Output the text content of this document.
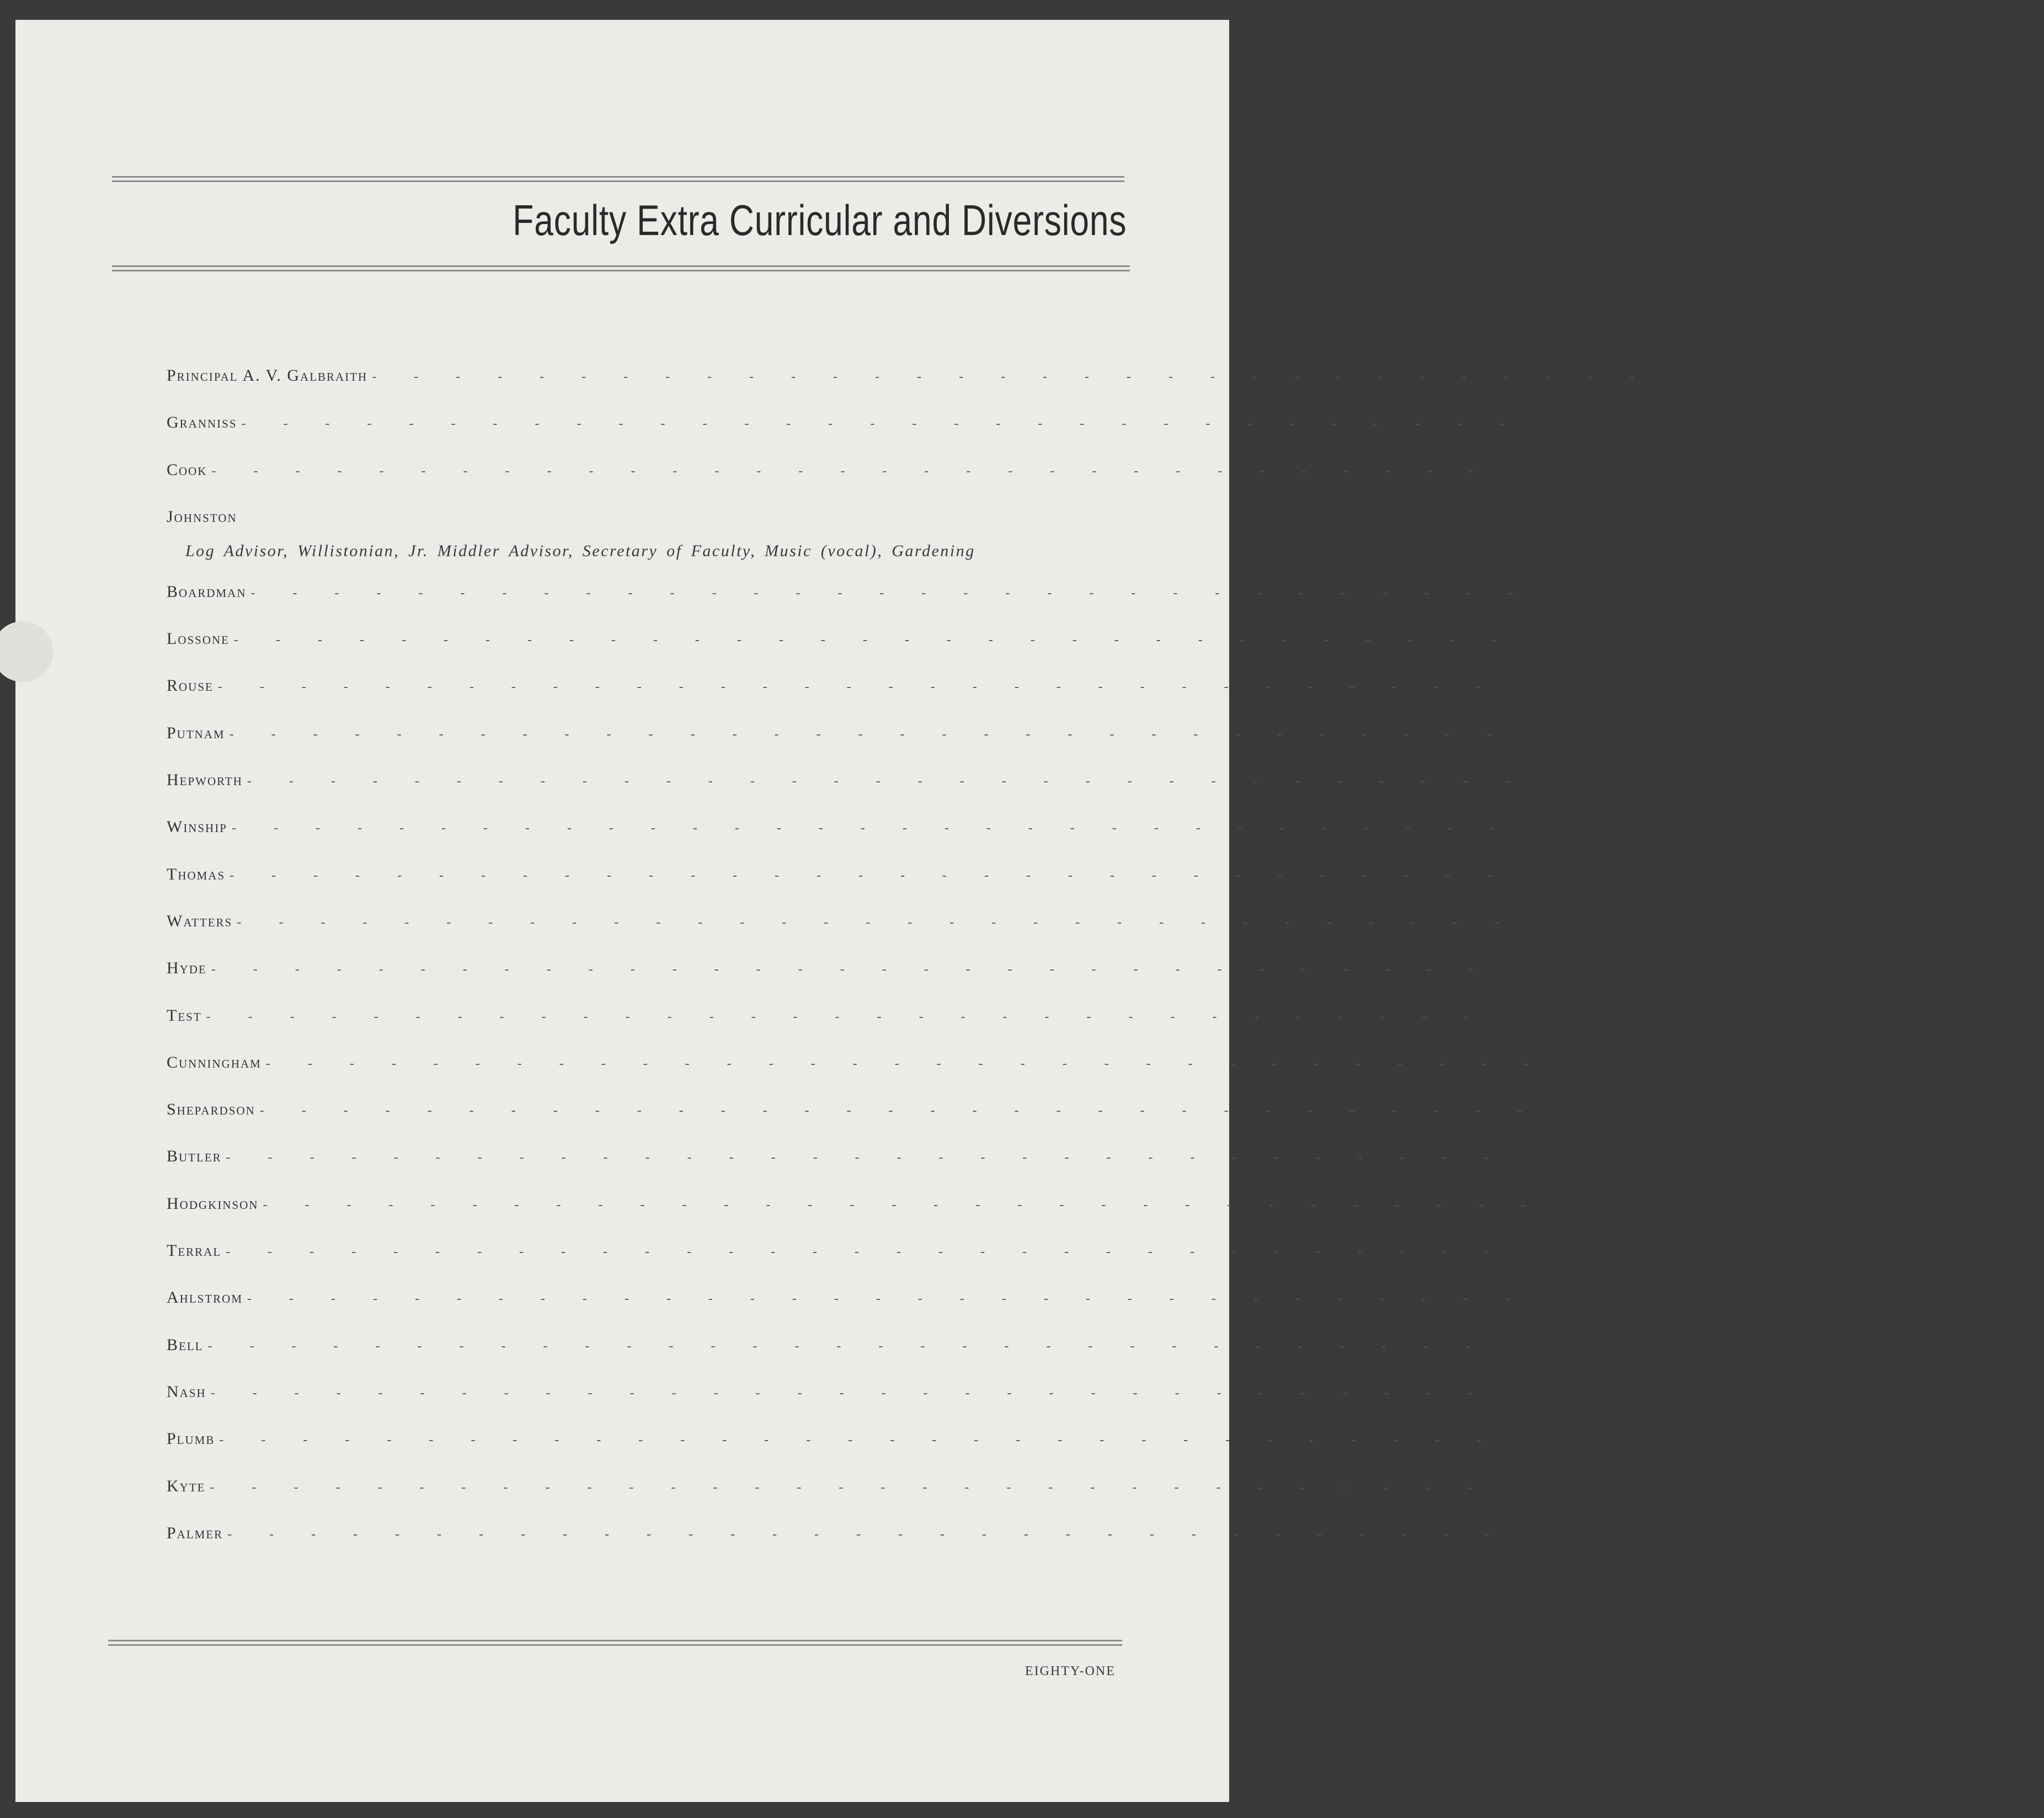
Faculty Extra Curricular and Diversions
Principal A. V. Galbraith - - - - - - - - - - - - - - - - - - - - - - - - - - - - - - - Golf, Tennis, Badminton, Etchings
Granniss - - - - - - - - - - - - - - - - - - - - - - - - - - - - - - - Y. M. C. A., Senior Advisor, Skiing, Log Cabin
Cook - - - - - - - - - - - - - - - - - - - - - - - - - - - - - - - College Boards, Middler Advisor, Gardening
Johnston
Log Advisor, Willistonian, Jr. Middler Advisor, Secretary of Faculty, Music (vocal), Gardening
Boardman - - - - - - - - - - - - - - - - - - - - - - - - - - - - - - - Soccer, Dramatics, Alumni Secretary
Lossone - - - - - - - - - - - - - - - - - - - - - - - - - - - - - - - Hockey, Tennis, Softball, Amateur Dramatics, Student Council
Rouse - - - - - - - - - - - - - - - - - - - - - - - - - - - - - - - Glee Club, Golf, Operetta
Putnam - - - - - - - - - - - - - - - - - - - - - - - - - - - - - - - Track, Golf, Angling
Hepworth - - - - - - - - - - - - - - - - - - - - - - - - - - - - - - - Football, Tennis, Soft Ball, Bridge
Winship - - - - - - - - - - - - - - - - - - - - - - - - - - - - - - - Master of Ford Hall, Junior Advisor, Traveling, Gardening
Thomas - - - - - - - - - - - - - - - - - - - - - - - - - - - - - - - Debating, Master of South Hall, Traveling
Watters - - - - - - - - - - - - - - - - - - - - - - - - - - - - - - - Head Coach of Athletics, Badminton, Golf, Angling
Hyde - - - - - - - - - - - - - - - - - - - - - - - - - - - - - - - Soccer, Track, Music (piano, organ, clavichord), Operetta, Hiking
Test - - - - - - - - - - - - - - - - - - - - - - - - - - - - - - - Soccer, Track, Willistonian, Photography
Cunningham - - - - - - - - - - - - - - - - - - - - - - - - - - - - - - - Golf
Shepardson - - - - - - - - - - - - - - - - - - - - - - - - - - - - - - - Golf
Butler - - - - - - - - - - - - - - - - - - - - - - - - - - - - - - - Dramatics, Life Saving
Hodgkinson - - - - - - - - - - - - - - - - - - - - - - - - - - - - - - - Football, Tennis, Handball, Hockey, Music
Terral - - - - - - - - - - - - - - - - - - - - - - - - - - - - - - - Master of Payson
Ahlstrom - - - - - - - - - - - - - - - - - - - - - - - - - - - - - - - Tennis
Bell - - - - - - - - - - - - - - - - - - - - - - - - - - - - - - - Football, Basketball, Baseball, Handball, Golf, Angling
Nash - - - - - - - - - - - - - - - - - - - - - - - - - - - - - - - Music
Plumb - - - - - - - - - - - - - - - - - - - - - - - - - - - - - - - Football, Skiing, Track, Handball
Kyte - - - - - - - - - - - - - - - - - - - - - - - - - - - - - - - Music
Palmer - - - - - - - - - - - - - - - - - - - - - - - - - - - - - - - Soccer, Skiing, Baseball
EIGHTY-ONE
